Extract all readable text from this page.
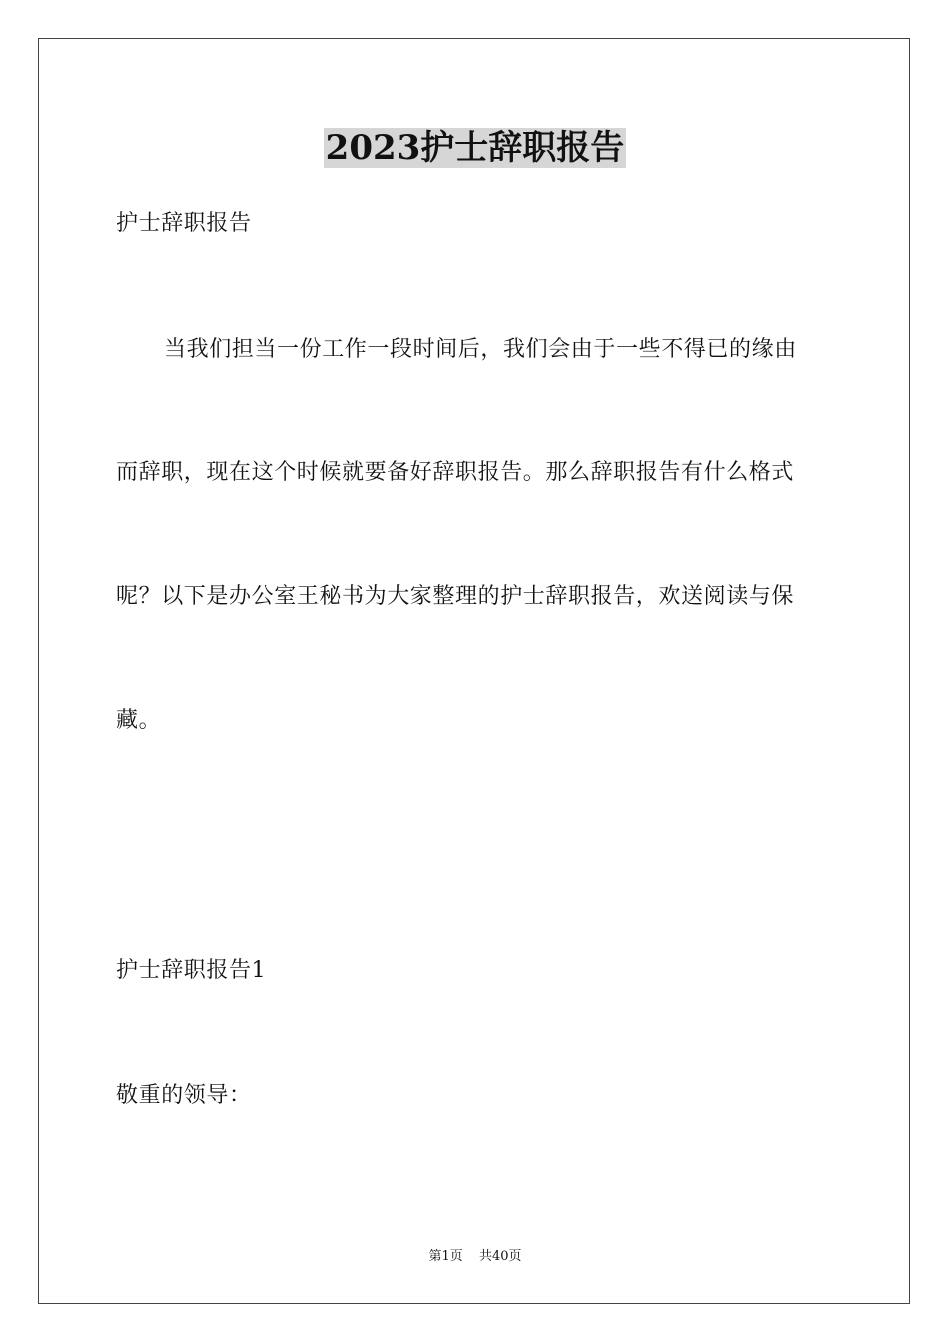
2023护士辞职报告
护士辞职报告
当我们担当一份工作一段时间后，我们会由于一些不得已的缘由
而辞职，现在这个时候就要备好辞职报告。那么辞职报告有什么格式
呢？以下是办公室王秘书为大家整理的护士辞职报告，欢送阅读与保
藏。
护士辞职报告1
敬重的领导：
第1页 共40页
